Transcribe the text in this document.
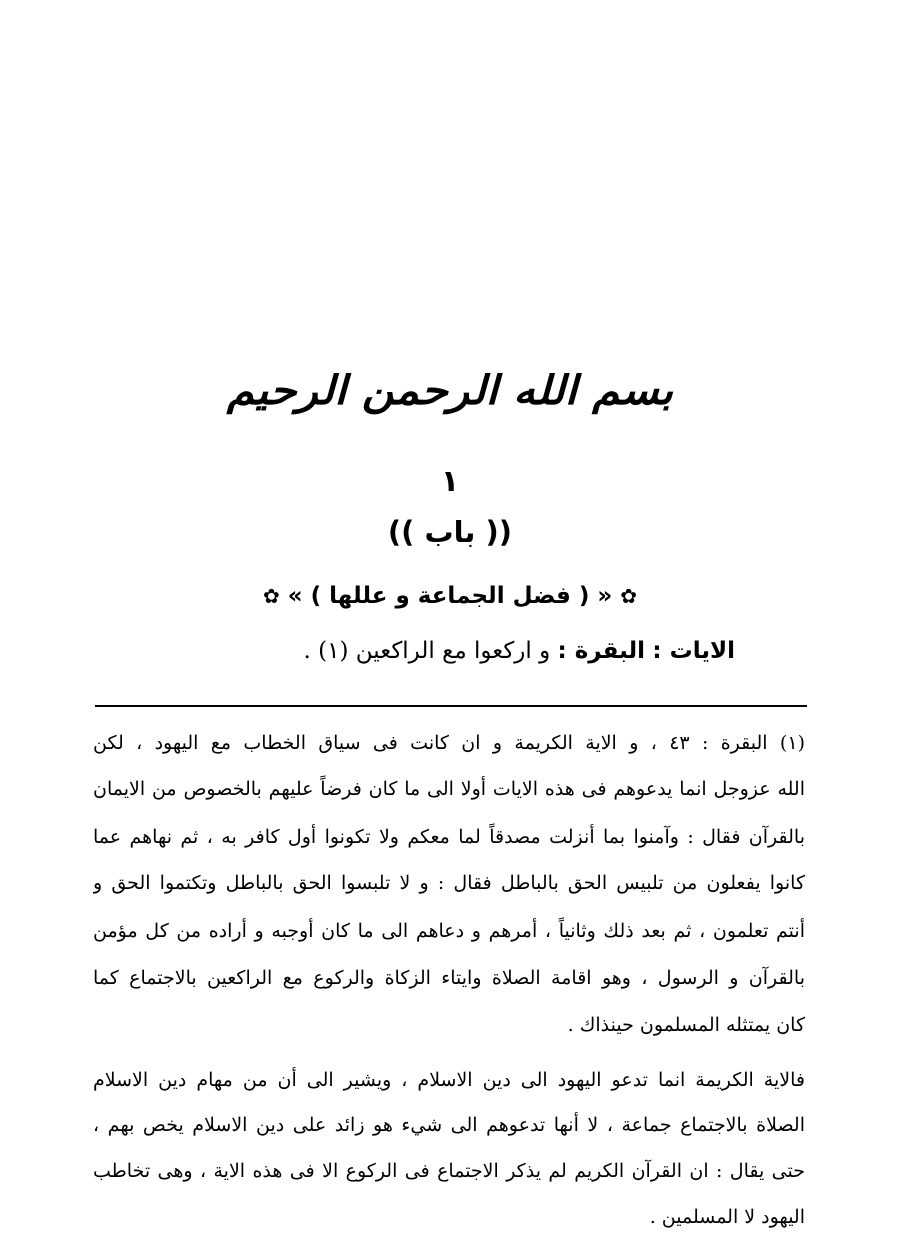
بسم الله الرحمن الرحيم
١
(( باب ))
✿ « ( فضل الجماعة و عللها ) » ✿
الايات : البقرة : و اركعوا مع الراكعين (١) .
(١) البقرة : ٤٣ ، و الاية الكريمة و ان كانت فى سياق الخطاب مع اليهود ، لكن
الله عزوجل انما يدعوهم فى هذه الايات أولا الى ما كان فرضاً عليهم بالخصوص من الايمان
بالقرآن فقال : وآمنوا بما أنزلت مصدقاً لما معكم ولا تكونوا أول كافر به ، ثم نهاهم عما
كانوا يفعلون من تلبيس الحق بالباطل فقال : و لا تلبسوا الحق بالباطل وتكتموا الحق و
أنتم تعلمون ، ثم بعد ذلك وثانياً ، أمرهم و دعاهم الى ما كان أوجبه و أراده من كل مؤمن
بالقرآن و الرسول ، وهو اقامة الصلاة وايتاء الزكاة والركوع مع الراكعين بالاجتماع كما
كان يمتثله المسلمون حينذاك .
فالاية الكريمة انما تدعو اليهود الى دين الاسلام ، ويشير الى أن من مهام دين الاسلام
الصلاة بالاجتماع جماعة ، لا أنها تدعوهم الى شيء هو زائد على دين الاسلام يخص بهم ،
حتى يقال : ان القرآن الكريم لم يذكر الاجتماع فى الركوع الا فى هذه الاية ، وهى تخاطب
اليهود لا المسلمين .
